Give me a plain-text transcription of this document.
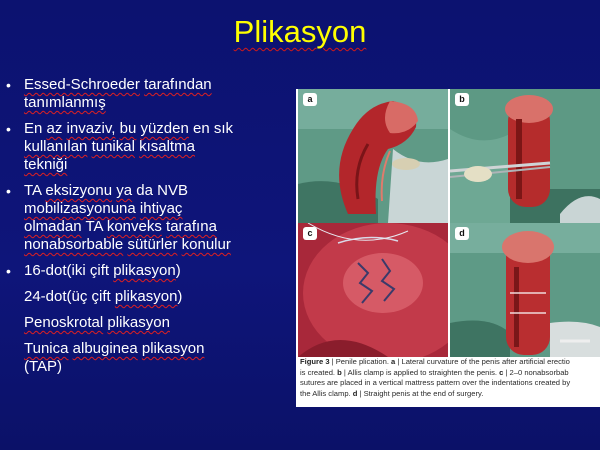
Plikasyon

• Essed-Schroeder tarafından

tanımlanmış

• En az invaziv, bu yüzden en sık

kullanılan tunikal kısaltma

tekniği

• TA eksizyonu ya da NVB

mobilizasyonuna ihtiyaç

olmadan TA konveks tarafına

nonabsorbable sütürler konulur

• 16-dot(iki çift plikasyon)

24-dot(üç çift plikasyon)

Penoskrotal plikasyon

Tunica albuginea plikasyon

(TAP)

a	b
c	d
Figure 3 | Penile plication. a | Lateral curvature of the penis after artificial erectio
is created. b | Allis clamp is applied to straighten the penis. c | 2–0 nonabsorbab
sutures are placed in a vertical mattress pattern over the indentations created by
the Allis clamp. d | Straight penis at the end of surgery.
